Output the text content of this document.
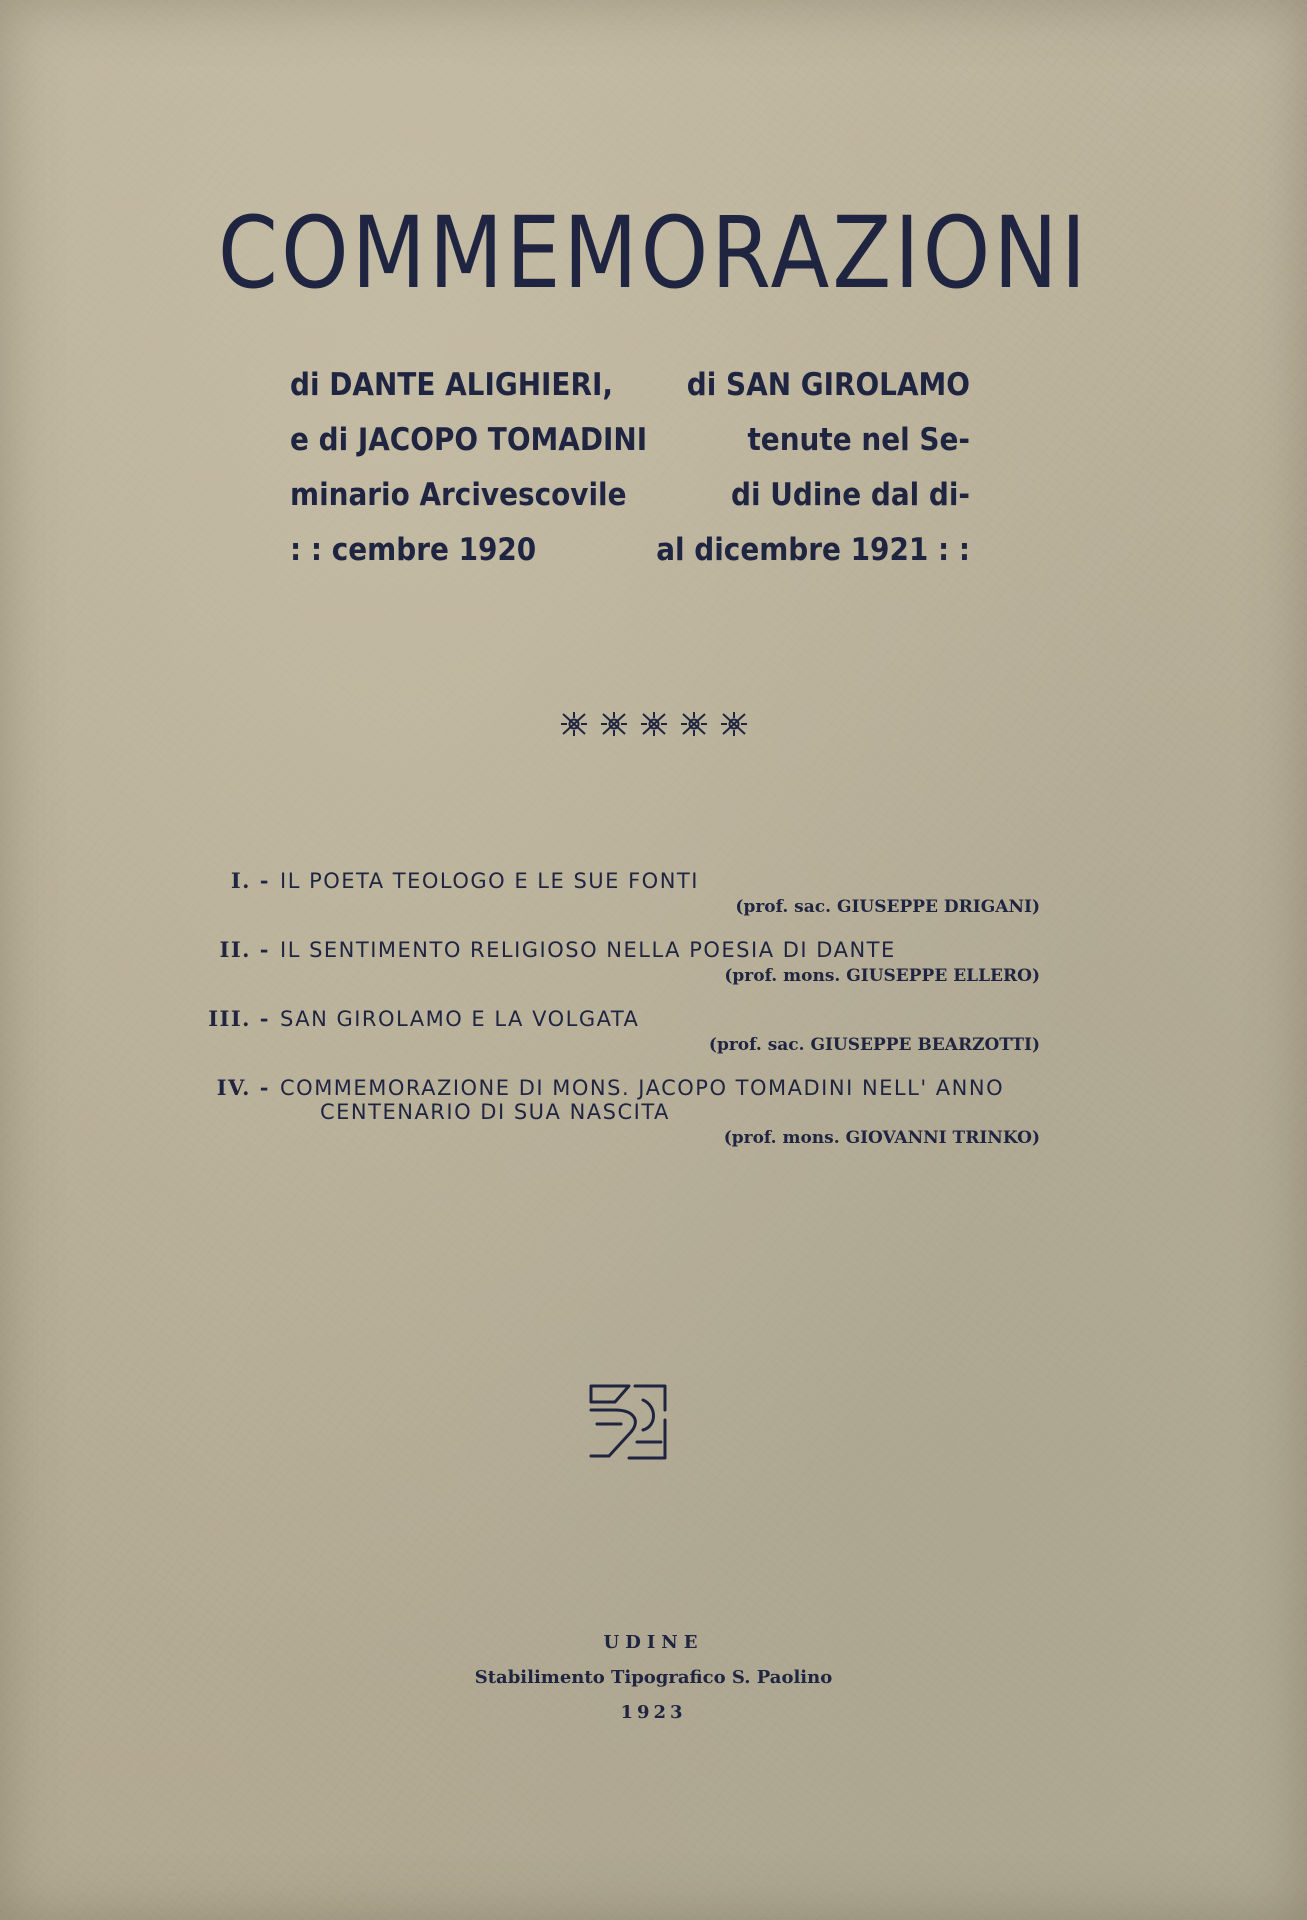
COMMEMORAZIONI
di DANTE ALIGHIERI, di SAN GIROLAMO
e di JACOPO TOMADINI	tenute nel Se-
minario Arcivescovile	di Udine dal di-
: : cembre 1920	al dicembre 1921 : :
I. - IL POETA TEOLOGO E LE SUE FONTI
(prof. sac. GIUSEPPE DRIGANI)
II. - IL SENTIMENTO RELIGIOSO NELLA POESIA DI DANTE
(prof. mons. GIUSEPPE ELLERO)
III. - SAN GIROLAMO E LA VOLGATA
(prof. sac. GIUSEPPE BEARZOTTI)
IV. - COMMEMORAZIONE DI MONS. JACOPO TOMADINI NELL' ANNO
CENTENARIO DI SUA NASCITA
(prof. mons. GIOVANNI TRINKO)
UDINE
Stabilimento Tipografico S. Paolino
1923
